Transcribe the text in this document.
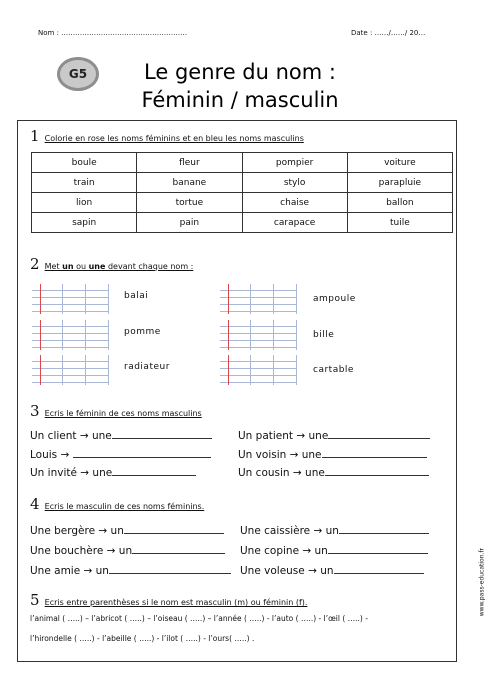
Nom : ………………………………………………	Date : ……/……/ 20…
G5	Le genre du nom :
Féminin / masculin
1 Colorie en rose les noms féminins et en bleu les noms masculins
boule	fleur	pompier	voiture
train	banane	stylo	parapluie
lion	tortue	chaise	ballon
sapin	pain	carapace	tuile
2 Met un ou une devant chaque nom :
balai
pomme
radiateur
ampoule
bille
cartable
3 Ecris le féminin de ces noms masculins
Un client → une
Louis →
Un invité → une
Un patient → une
Un voisin → une
Un cousin → une
4 Ecris le masculin de ces noms féminins.
Une bergère → un
Une bouchère → un
Une amie → un
Une caissière → un
Une copine → un
Une voleuse → un
5 Ecris entre parenthèses si le nom est masculin (m) ou féminin (f).
l’animal ( …..) – l’abricot ( …..) – l’oiseau ( …..) – l’année ( …..) - l’auto ( …..) - l’œil ( …..) -
l’hirondelle ( …..) - l’abeille ( …..) - l’ilot ( …..) - l’ours( …..) .
www.pass-education.fr
